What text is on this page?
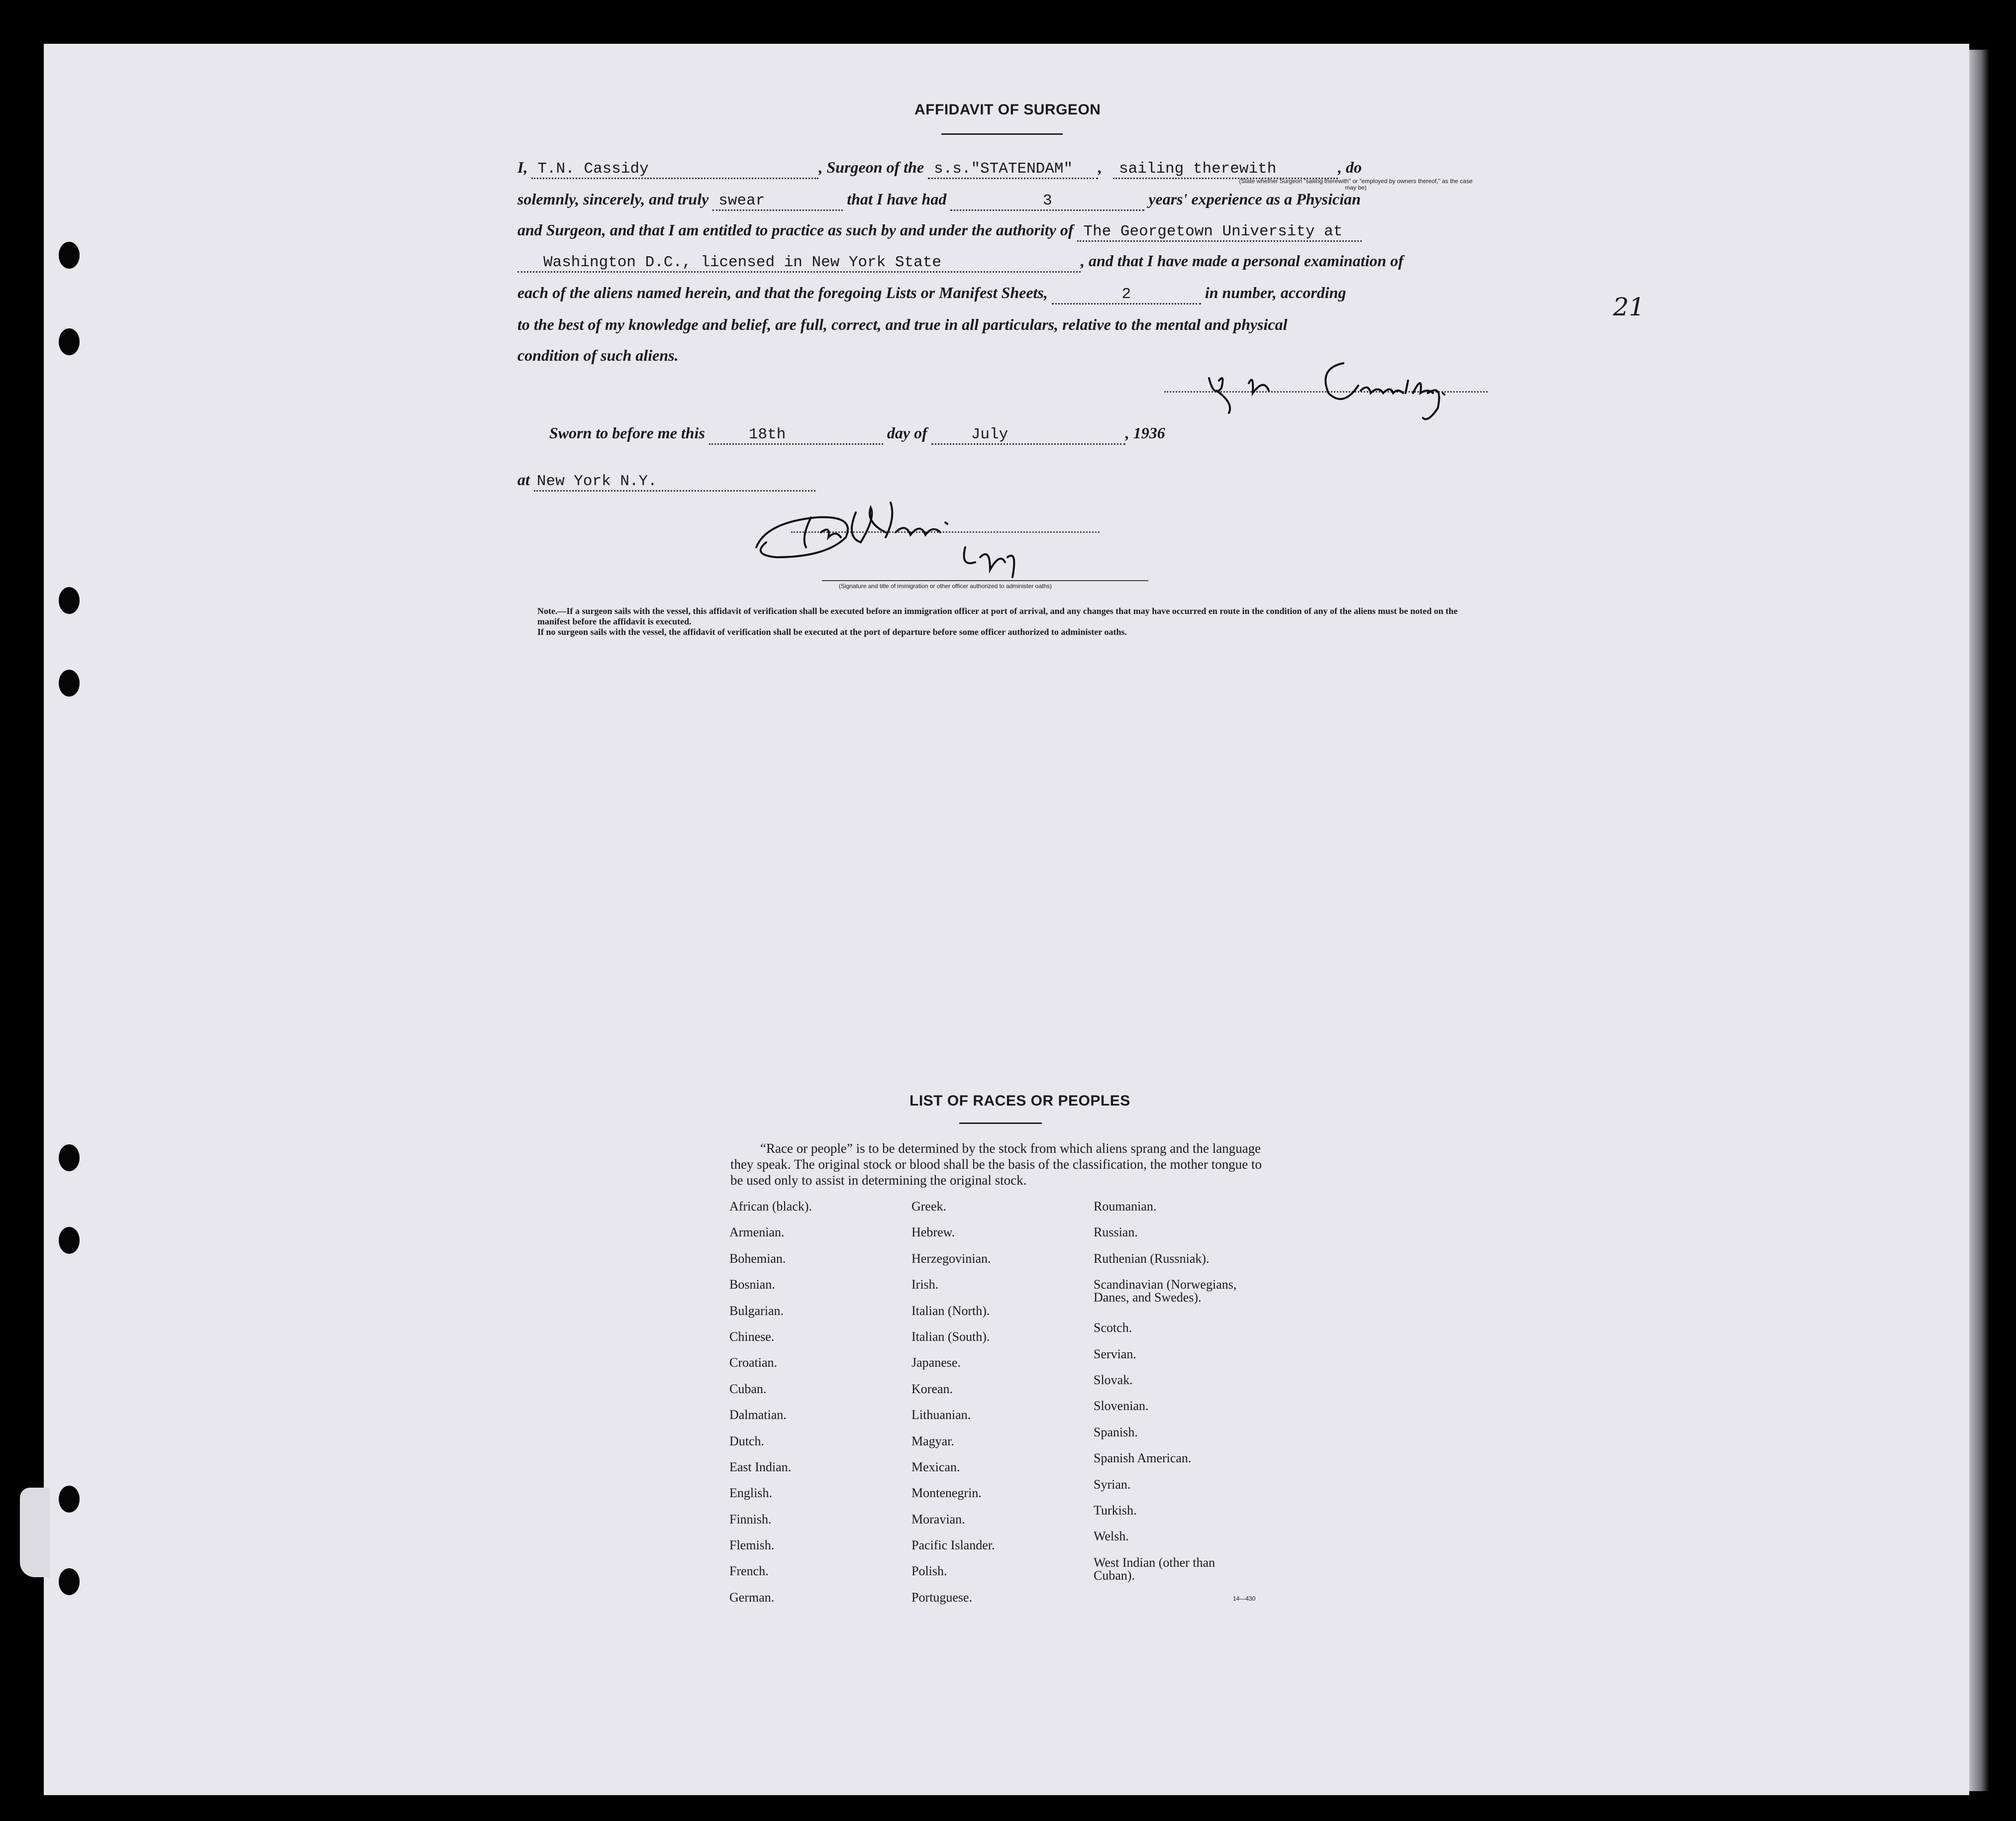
21
AFFIDAVIT OF SURGEON
I, T.N. Cassidy	, Surgeon of the s.s."STATENDAM" , sailing therewith	, do
(State whether Surgeon "sailing therewith" or "employed by owners thereof," as the case may be)
solemnly, sincerely, and truly swear	that I have had	3	years' experience as a Physician
and Surgeon, and that I am entitled to practice as such by and under the authority of The Georgetown University at
Washington D.C., licensed in New York State	, and that I have made a personal examination of
each of the aliens named herein, and that the foregoing Lists or Manifest Sheets,	2	in number, according
to the best of my knowledge and belief, are full, correct, and true in all particulars, relative to the mental and physical
condition of such aliens.
Sworn to before me this	18th	day of	July	, 1936
at New York N.Y.
(Signature and title of immigration or other officer authorized to administer oaths)

Note.—If a surgeon sails with the vessel, this affidavit of verification shall be executed before an immigration officer at port of arrival, and any changes that may have occurred en route in the condition of any of the aliens must be noted on the manifest before the affidavit is executed.

If no surgeon sails with the vessel, the affidavit of verification shall be executed at the port of departure before some officer authorized to administer oaths.

LIST OF RACES OR PEOPLES
“Race or people” is to be determined by the stock from which aliens sprang and the language they speak. The original stock or blood shall be the basis of the classification, the mother tongue to be used only to assist in determining the original stock.
African (black).
Armenian.
Bohemian.
Bosnian.
Bulgarian.
Chinese.
Croatian.
Cuban.
Dalmatian.
Dutch.
East Indian.
English.
Finnish.
Flemish.
French.
German.
Greek.
Hebrew.
Herzegovinian.
Irish.
Italian (North).
Italian (South).
Japanese.
Korean.
Lithuanian.
Magyar.
Mexican.
Montenegrin.
Moravian.
Pacific Islander.
Polish.
Portuguese.
Roumanian.
Russian.
Ruthenian (Russniak).
Scandinavian (Norwegians, Danes, and Swedes).
Scotch.
Servian.
Slovak.
Slovenian.
Spanish.
Spanish American.
Syrian.
Turkish.
Welsh.
West Indian (other than Cuban).
14—430
